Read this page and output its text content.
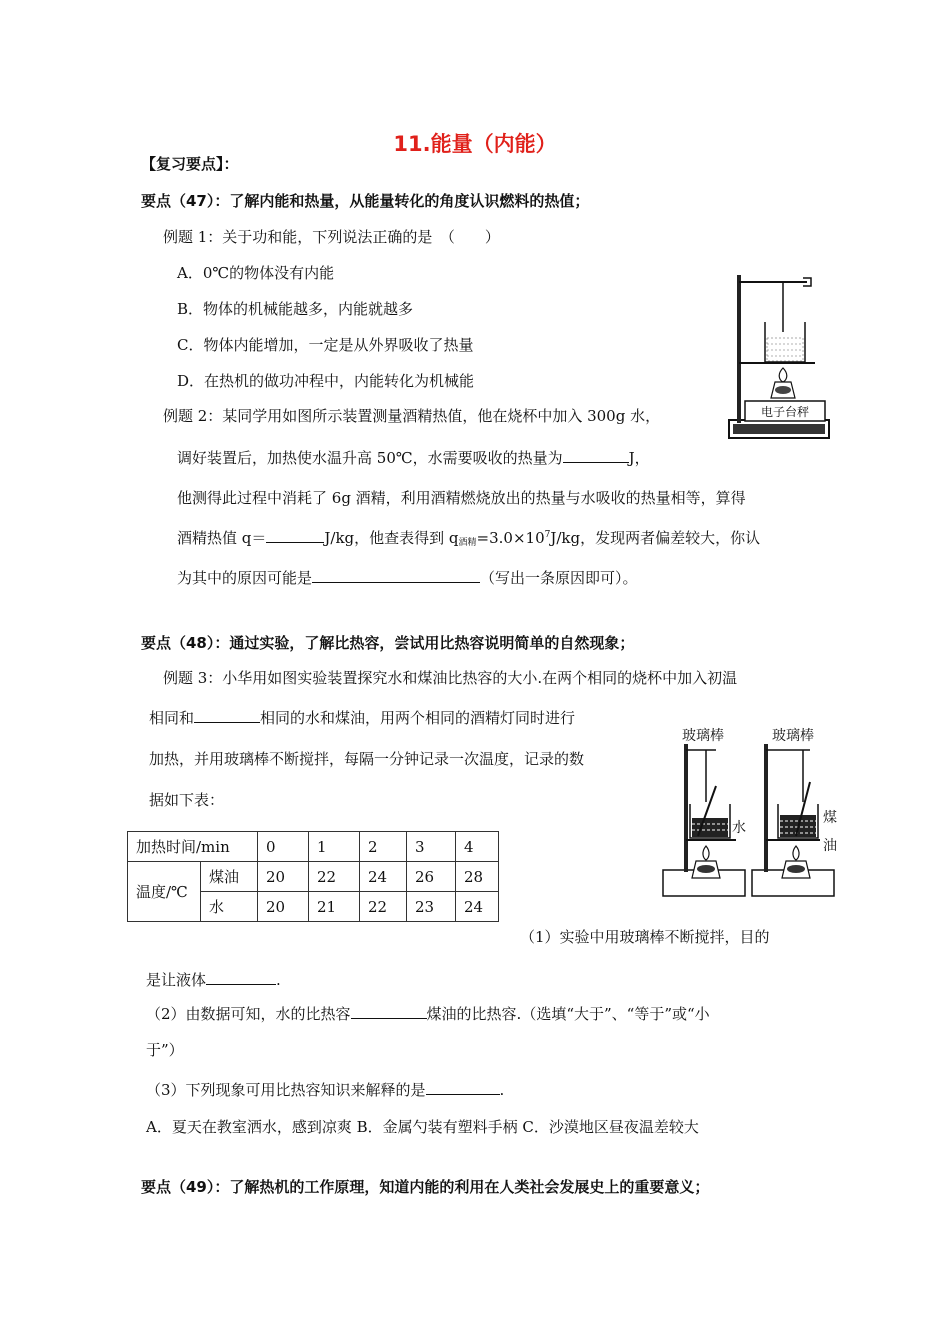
11.能量（内能）
【复习要点】：
要点（47）：了解内能和热量，从能量转化的角度认识燃料的热值；
例题 1：关于功和能，下列说法正确的是　（　　）
A．0℃的物体没有内能
B．物体的机械能越多，内能就越多
C．物体内能增加，一定是从外界吸收了热量
D．在热机的做功冲程中，内能转化为机械能
例题 2：某同学用如图所示装置测量酒精热值，他在烧杯中加入 300g 水，
调好装置后，加热使水温升高 50℃，水需要吸收的热量为	J，
他测得此过程中消耗了 6g 酒精，利用酒精燃烧放出的热量与水吸收的热量相等，算得
酒精热值 q＝	J/kg，他查表得到 $q_{酒精}=3.0\times 10^7J/kg$，发现两者偏差较大，你认
为其中的原因可能是	（写出一条原因即可）。
电子台秤
要点（48）：通过实验，了解比热容，尝试用比热容说明简单的自然现象；
例题 3：小华用如图实验装置探究水和煤油比热容的大小.在两个相同的烧杯中加入初温
相同和	相同的水和煤油，用两个相同的酒精灯同时进行
加热，并用玻璃棒不断搅拌，每隔一分钟记录一次温度，记录的数
据如下表：
加热时间/min		0	1	2	3	4
温度/℃	煤油	20	22	24	26	28
	水	20	21	22	23	24
玻璃棒	玻璃棒
水
煤
油
（1）实验中用玻璃棒不断搅拌，目的
是让液体	.
（2）由数据可知，水的比热容	煤油的比热容.（选填“大于”、“等于”或“小
于”）
（3）下列现象可用比热容知识来解释的是	.
A．夏天在教室洒水，感到凉爽 B．金属勺装有塑料手柄 C．沙漠地区昼夜温差较大
要点（49）：了解热机的工作原理，知道内能的利用在人类社会发展史上的重要意义；
